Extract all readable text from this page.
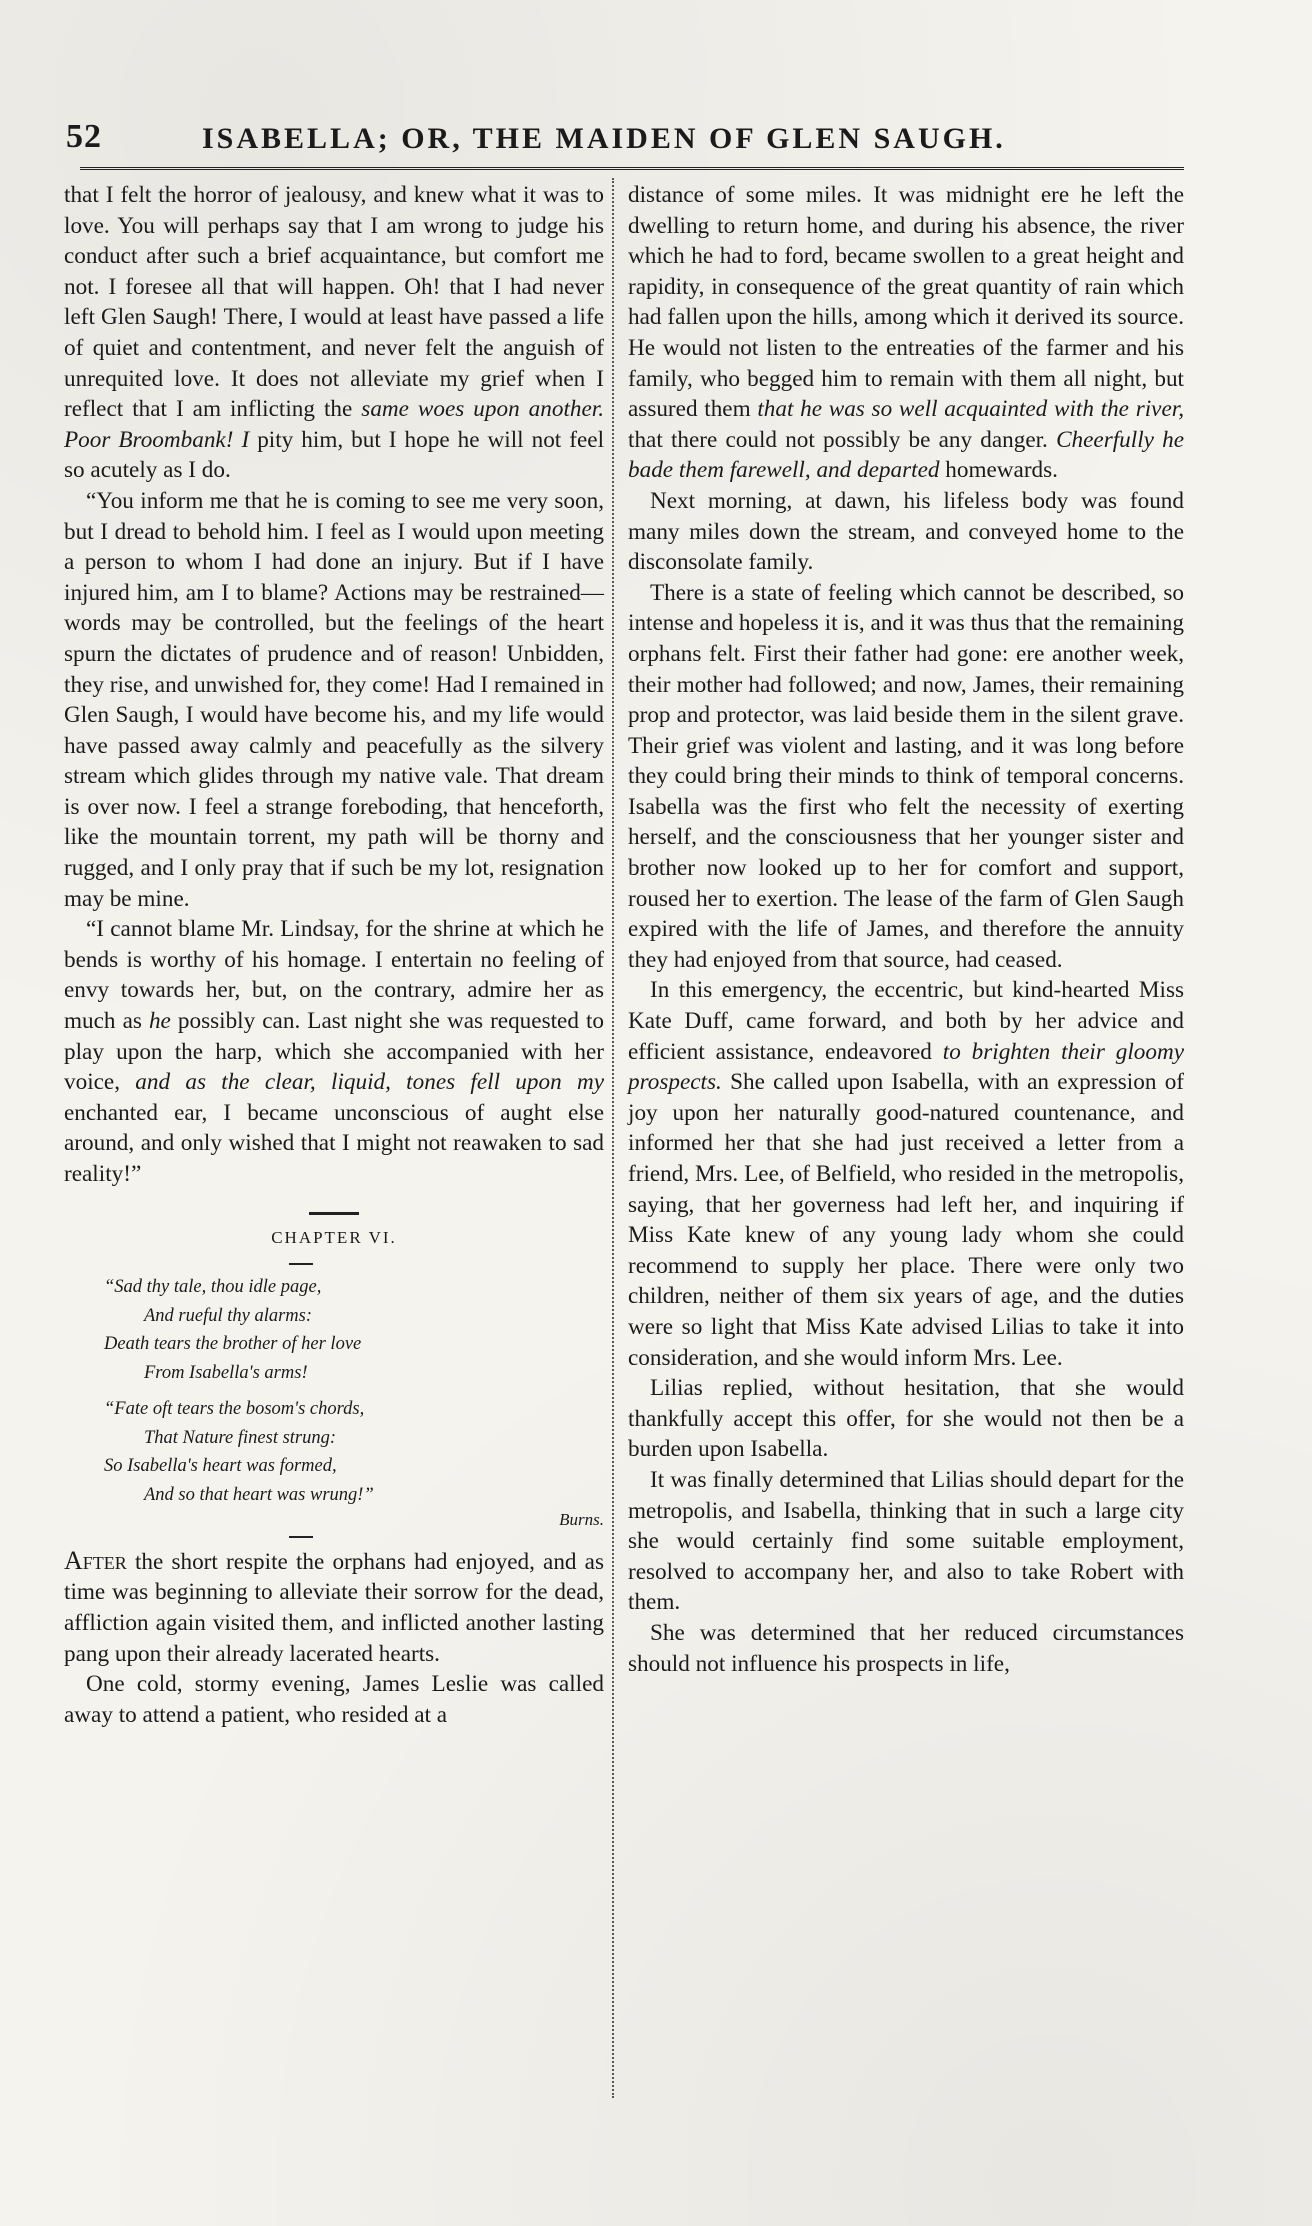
52	ISABELLA; OR, THE MAIDEN OF GLEN SAUGH.

that I felt the horror of jealousy, and knew what it was to love. You will perhaps say that I am wrong to judge his conduct after such a brief acquaintance, but comfort me not. I foresee all that will happen. Oh! that I had never left Glen Saugh! There, I would at least have passed a life of quiet and contentment, and never felt the anguish of unrequited love. It does not alleviate my grief when I reflect that I am inflicting the same woes upon another. Poor Broombank! I pity him, but I hope he will not feel so acutely as I do.

“You inform me that he is coming to see me very soon, but I dread to behold him. I feel as I would upon meeting a person to whom I had done an injury. But if I have injured him, am I to blame? Actions may be restrained—words may be controlled, but the feelings of the heart spurn the dictates of prudence and of reason! Unbidden, they rise, and unwished for, they come! Had I remained in Glen Saugh, I would have become his, and my life would have passed away calmly and peacefully as the silvery stream which glides through my native vale. That dream is over now. I feel a strange foreboding, that henceforth, like the mountain torrent, my path will be thorny and rugged, and I only pray that if such be my lot, resignation may be mine.

“I cannot blame Mr. Lindsay, for the shrine at which he bends is worthy of his homage. I entertain no feeling of envy towards her, but, on the contrary, admire her as much as he possibly can. Last night she was requested to play upon the harp, which she accompanied with her voice, and as the clear, liquid, tones fell upon my enchanted ear, I became unconscious of aught else around, and only wished that I might not reawaken to sad reality!”

CHAPTER VI.
“Sad thy tale, thou idle page,
And rueful thy alarms:
Death tears the brother of her love
From Isabella's arms!
“Fate oft tears the bosom's chords,
That Nature finest strung:
So Isabella's heart was formed,
And so that heart was wrung!”
Burns.

After the short respite the orphans had enjoyed, and as time was beginning to alleviate their sorrow for the dead, affliction again visited them, and inflicted another lasting pang upon their already lacerated hearts.

One cold, stormy evening, James Leslie was called away to attend a patient, who resided at a

distance of some miles. It was midnight ere he left the dwelling to return home, and during his absence, the river which he had to ford, became swollen to a great height and rapidity, in consequence of the great quantity of rain which had fallen upon the hills, among which it derived its source. He would not listen to the entreaties of the farmer and his family, who begged him to remain with them all night, but assured them that he was so well acquainted with the river, that there could not possibly be any danger. Cheerfully he bade them farewell, and departed homewards.

Next morning, at dawn, his lifeless body was found many miles down the stream, and conveyed home to the disconsolate family.

There is a state of feeling which cannot be described, so intense and hopeless it is, and it was thus that the remaining orphans felt. First their father had gone: ere another week, their mother had followed; and now, James, their remaining prop and protector, was laid beside them in the silent grave. Their grief was violent and lasting, and it was long before they could bring their minds to think of temporal concerns. Isabella was the first who felt the necessity of exerting herself, and the consciousness that her younger sister and brother now looked up to her for comfort and support, roused her to exertion. The lease of the farm of Glen Saugh expired with the life of James, and therefore the annuity they had enjoyed from that source, had ceased.

In this emergency, the eccentric, but kind-hearted Miss Kate Duff, came forward, and both by her advice and efficient assistance, endeavored to brighten their gloomy prospects. She called upon Isabella, with an expression of joy upon her naturally good-natured countenance, and informed her that she had just received a letter from a friend, Mrs. Lee, of Belfield, who resided in the metropolis, saying, that her governess had left her, and inquiring if Miss Kate knew of any young lady whom she could recommend to supply her place. There were only two children, neither of them six years of age, and the duties were so light that Miss Kate advised Lilias to take it into consideration, and she would inform Mrs. Lee.

Lilias replied, without hesitation, that she would thankfully accept this offer, for she would not then be a burden upon Isabella.

It was finally determined that Lilias should depart for the metropolis, and Isabella, thinking that in such a large city she would certainly find some suitable employment, resolved to accompany her, and also to take Robert with them.

She was determined that her reduced circumstances should not influence his prospects in life,
